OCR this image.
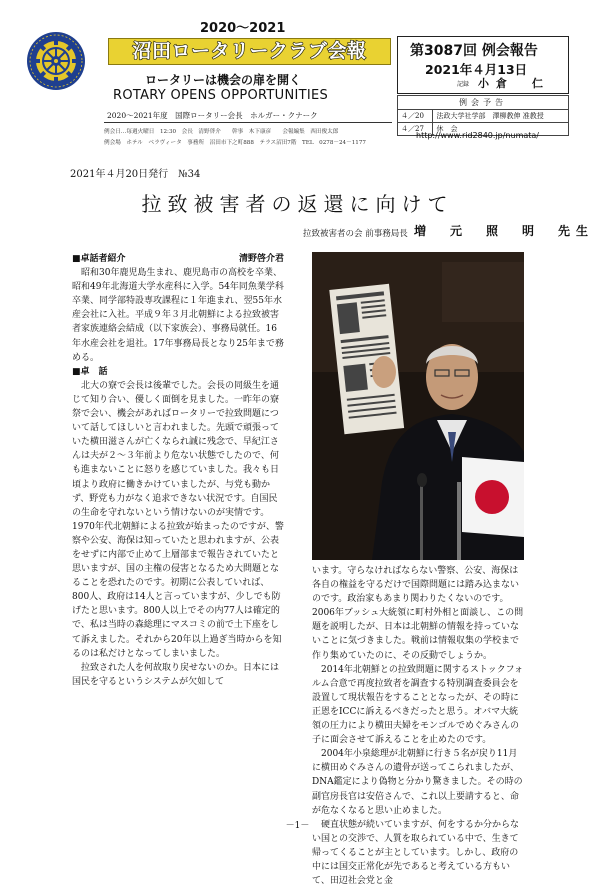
2020～2021
沼田ロータリークラブ会報
ロータリーは機会の扉を開く
ROTARY OPENS OPPORTUNITIES
2020～2021年度　国際ロータリー会長　ホルガー・クナーク
例会日…毎週火曜日　12:30　会長　清野啓介　　幹事　木下康彦　　会報編集　西田俊太郎
例会場　ホテル　ベラヴィータ　事務所　沼田市下之町888　テラス沼田7階　TEL　0278－24－1177
第3087回 例会報告
2021年４月13日
記録 小倉　仁
例会予告	
４／20	法政大学社学部　澤柳教伸 准教授
４／27	休　会
http://www.rid2840.jp/numata/
2021年４月20日発行　№34
拉致被害者の返還に向けて
拉致被害者の会 前事務局長 増　元　照　明　先生
■卓話者紹介	清野啓介君

昭和30年鹿児島生まれ、鹿児島市の高校を卒業、昭和49年北海道大学水産科に入学。54年同魚業学科卒業、同学部特設専攻課程に１年進まれ、翌55年水産会社に入社。平成９年３月北朝鮮による拉致被害者家族連絡会結成（以下家族会）、事務局就任。16年水産会社を退社。17年事務局長となり25年まで務める。

■卓　話

北大の寮で会長は後輩でした。会長の同級生を通じて知り合い、優しく面倒を見ました。一昨年の寮祭で会い、機会があればロータリーで拉致問題について話してほしいと言われました。先頭で頑張っていた横田滋さんが亡くなられ誠に残念で、早紀江さんは夫が２～３年前より危ない状態でしたので、何も進まないことに怒りを感じていました。我々も日頃より政府に働きかけていましたが、与党も動かず、野党も力がなく追求できない状況です。自国民の生命を守れないという情けないのが実情です。1970年代北朝鮮による拉致が始まったのですが、警察や公安、海保は知っていたと思われますが、公表をせずに内部で止めて上層部まで報告されていたと思いますが、国の主権の侵害となるため大問題となることを恐れたのです。初期に公表していれば、800人、政府は14人と言っていますが、少しでも防げたと思います。800人以上でその内77人は確定的で、私は当時の森総理にマスコミの前で土下座をして訴えました。それから20年以上過ぎ当時からを知るのは私だけとなってしまいました。

拉致された人を何故取り戻せないのか。日本には国民を守るというシステムが欠如して

います。守らなければならない警察、公安、海保は各自の権益を守るだけで国際問題には踏み込まないのです。政治家もあまり関わりたくないのです。2006年ブッシュ大統領に町村外相と面談し、この問題を説明したが、日本は北朝鮮の情報を持っていないことに気づきました。戦前は情報収集の学校まで作り集めていたのに、その反動でしょうか。

2014年北朝鮮との拉致問題に関するストックフォルム合意で再度拉致者を調査する特別調査委員会を設置して現状報告をすることとなったが、その時に正恩をICCに訴えるべきだったと思う。オバマ大統領の圧力により横田夫婦をモンゴルでめぐみさんの子に面会させて訴えることを止めたのです。

2004年小泉総理が北朝鮮に行き５名が戻り11月に横田めぐみさんの遺骨が送ってこられましたが、DNA鑑定により偽物と分かり驚きました。その時の副官房長官は安倍さんで、これ以上要請すると、命が危なくなると思い止めました。

硬直状態が続いていますが、何をするか分からない国との交渉で、人質を取られている中で、生きて帰ってくることが主としています。しかし、政府の中には国交正常化が先であると考えている方もいて、田辺社会党と金

－1－
